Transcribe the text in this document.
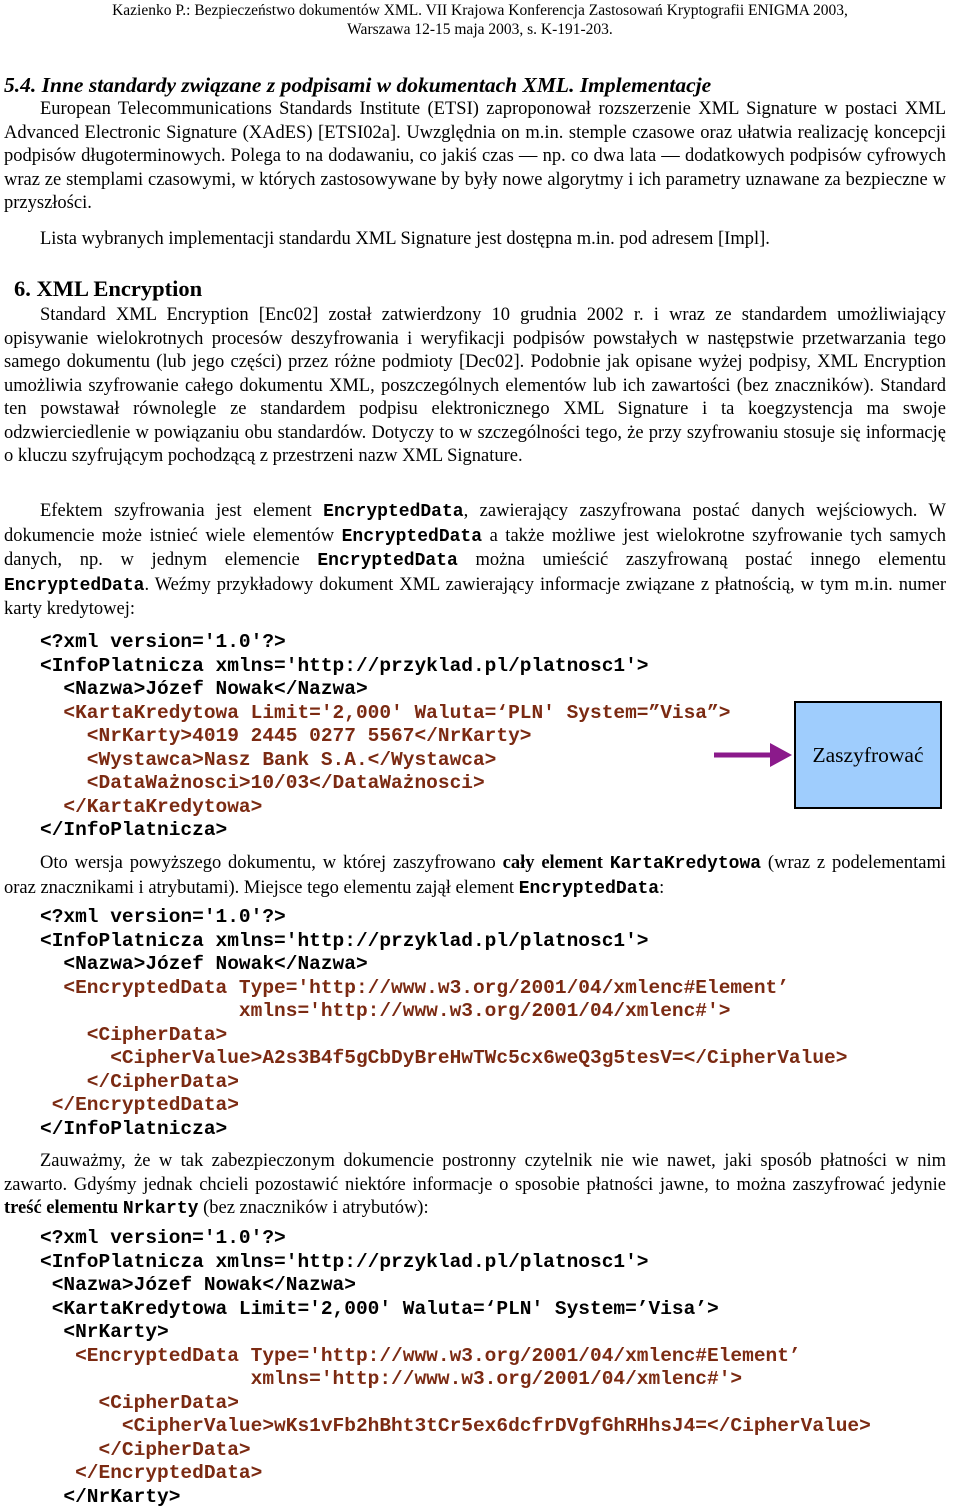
Kazienko P.: Bezpieczeństwo dokumentów XML. VII Krajowa Konferencja Zastosowań Kryptografii ENIGMA 2003,
Warszawa 12-15 maja 2003, s. K-191-203.
5.4. Inne standardy związane z podpisami w dokumentach XML. Implementacje

European Telecommunications Standards Institute (ETSI) zaproponował rozszerzenie XML Signature w postaci XML Advanced Electronic Signature (XAdES) [ETSI02a]. Uwzględnia on m.in. stemple czasowe oraz ułatwia realizację koncepcji podpisów długoterminowych. Polega to na dodawaniu, co jakiś czas — np. co dwa lata — dodatkowych podpisów cyfrowych wraz ze stemplami czasowymi, w których zastosowywane by były nowe algorytmy i ich parametry uznawane za bezpieczne w przyszłości.

Lista wybranych implementacji standardu XML Signature jest dostępna m.in. pod adresem [Impl].
6. XML Encryption

Standard XML Encryption [Enc02] został zatwierdzony 10 grudnia 2002 r. i wraz ze standardem umożliwiający opisywanie wielokrotnych procesów deszyfrowania i weryfikacji podpisów powstałych w następstwie przetwarzania tego samego dokumentu (lub jego części) przez różne podmioty [Dec02]. Podobnie jak opisane wyżej podpisy, XML Encryption umożliwia szyfrowanie całego dokumentu XML, poszczególnych elementów lub ich zawartości (bez znaczników). Standard ten powstawał równolegle ze standardem podpisu elektronicznego XML Signature i ta koegzystencja ma swoje odzwierciedlenie w powiązaniu obu standardów. Dotyczy to w szczególności tego, że przy szyfrowaniu stosuje się informację o kluczu szyfrującym pochodzącą z przestrzeni nazw XML Signature.

Efektem szyfrowania jest element EncryptedData, zawierający zaszyfrowana postać danych wejściowych. W dokumencie może istnieć wiele elementów EncryptedData a także możliwe jest wielokrotne szyfrowanie tych samych danych, np. w jednym elemencie EncryptedData można umieścić zaszyfrowaną postać innego elementu EncryptedData. Weźmy przykładowy dokument XML zawierający informacje związane z płatnością, w tym m.in. numer karty kredytowej:

<?xml version='1.0'?>
<InfoPlatnicza xmlns='http://przyklad.pl/platnosc1'>
<Nazwa>Józef Nowak</Nazwa>
<KartaKredytowa Limit='2,000' Waluta=‘PLN' System=”Visa”>
<NrKarty>4019 2445 0277 5567</NrKarty>
<Wystawca>Nasz Bank S.A.</Wystawca>
<DataWażnosci>10/03</DataWażnosci>
</KartaKredytowa>
</InfoPlatnicza>
Zaszyfrować

Oto wersja powyższego dokumentu, w której zaszyfrowano cały element KartaKredytowa (wraz z podelementami oraz znacznikami i atrybutami). Miejsce tego elementu zajął element EncryptedData:

<?xml version='1.0'?>
<InfoPlatnicza xmlns='http://przyklad.pl/platnosc1'>
<Nazwa>Józef Nowak</Nazwa>
<EncryptedData Type='http://www.w3.org/2001/04/xmlenc#Element’
xmlns='http://www.w3.org/2001/04/xmlenc#'>
<CipherData>
<CipherValue>A2s3B4f5gCbDyBreHwTWc5cx6weQ3g5tesV=</CipherValue>
</CipherData>
</EncryptedData>
</InfoPlatnicza>

Zauważmy, że w tak zabezpieczonym dokumencie postronny czytelnik nie wie nawet, jaki sposób płatności w nim zawarto. Gdyśmy jednak chcieli pozostawić niektóre informacje o sposobie płatności jawne, to można zaszyfrować jedynie treść elementu Nrkarty (bez znaczników i atrybutów):

<?xml version='1.0'?>
<InfoPlatnicza xmlns='http://przyklad.pl/platnosc1'>
<Nazwa>Józef Nowak</Nazwa>
<KartaKredytowa Limit='2,000' Waluta=‘PLN' System=’Visa’>
<NrKarty>
<EncryptedData Type='http://www.w3.org/2001/04/xmlenc#Element’
xmlns='http://www.w3.org/2001/04/xmlenc#'>
<CipherData>
<CipherValue>wKs1vFb2hBht3tCr5ex6dcfrDVgfGhRHhsJ4=</CipherValue>
</CipherData>
</EncryptedData>
</NrKarty>
